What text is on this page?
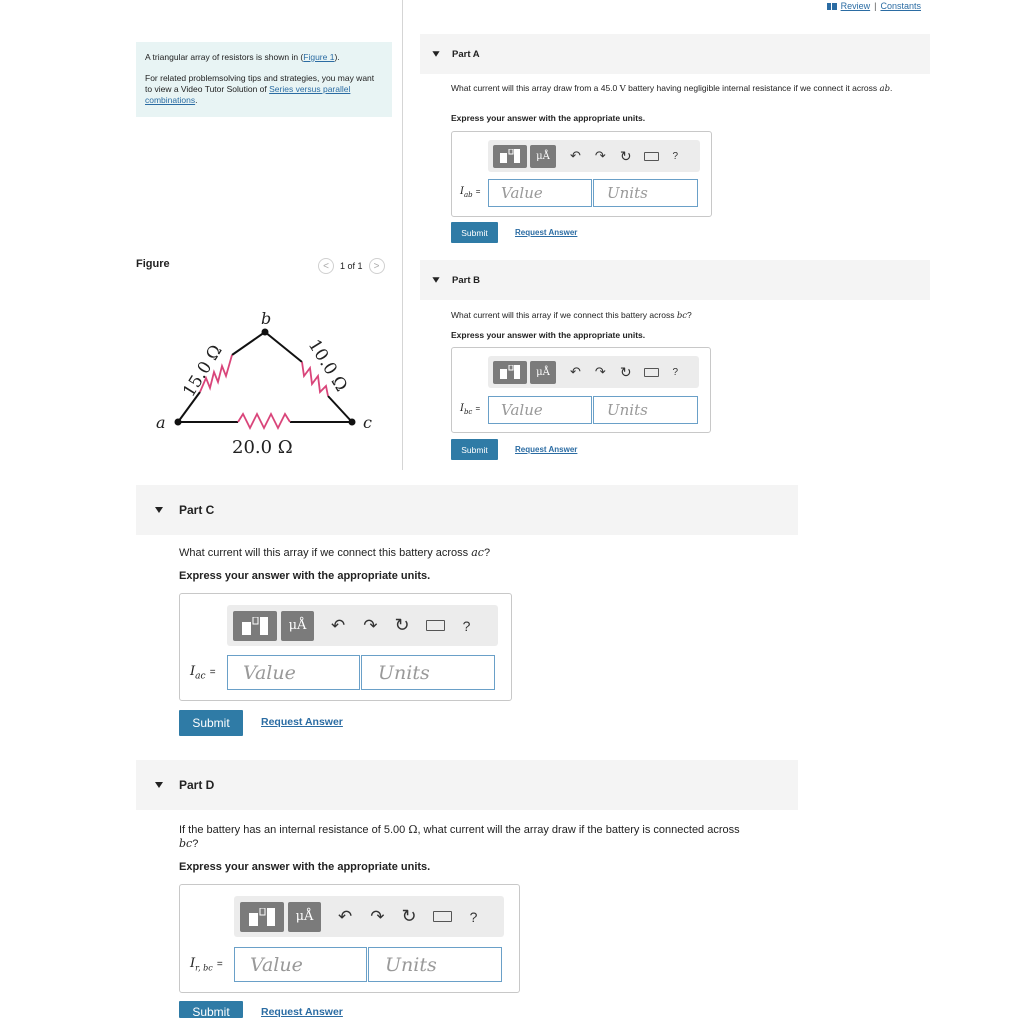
Review | Constants

A triangular array of resistors is shown in (Figure 1).

For related problemsolving tips and strategies, you may want to view a Video Tutor Solution of Series versus parallel combinations.

Figure	<	1 of 1	>
a
b
c
15.0 Ω	10.0 Ω
20.0 Ω
Part A
What current will this array draw from a 45.0 V battery having negligible internal resistance if we connect it across ab.
Express your answer with the appropriate units.
μÅ	↶ ↷ ↻	?
$I_{ab}$ =	Value	Units
Submit	Request Answer
Part B
What current will this array if we connect this battery across bc?
Express your answer with the appropriate units.
μÅ	↶ ↷ ↻	?
$I_{bc}$ =	Value	Units
Submit	Request Answer
Part C
What current will this array if we connect this battery across ac?
Express your answer with the appropriate units.
μÅ	↶ ↷ ↻	?
$I_{ac}$ =	Value	Units
Submit	Request Answer
Part D
If the battery has an internal resistance of 5.00 Ω, what current will the array draw if the battery is connected across
bc?
Express your answer with the appropriate units.
μÅ	↶ ↷ ↻	?
$I_{r, bc}$ =	Value	Units
Submit	Request Answer
